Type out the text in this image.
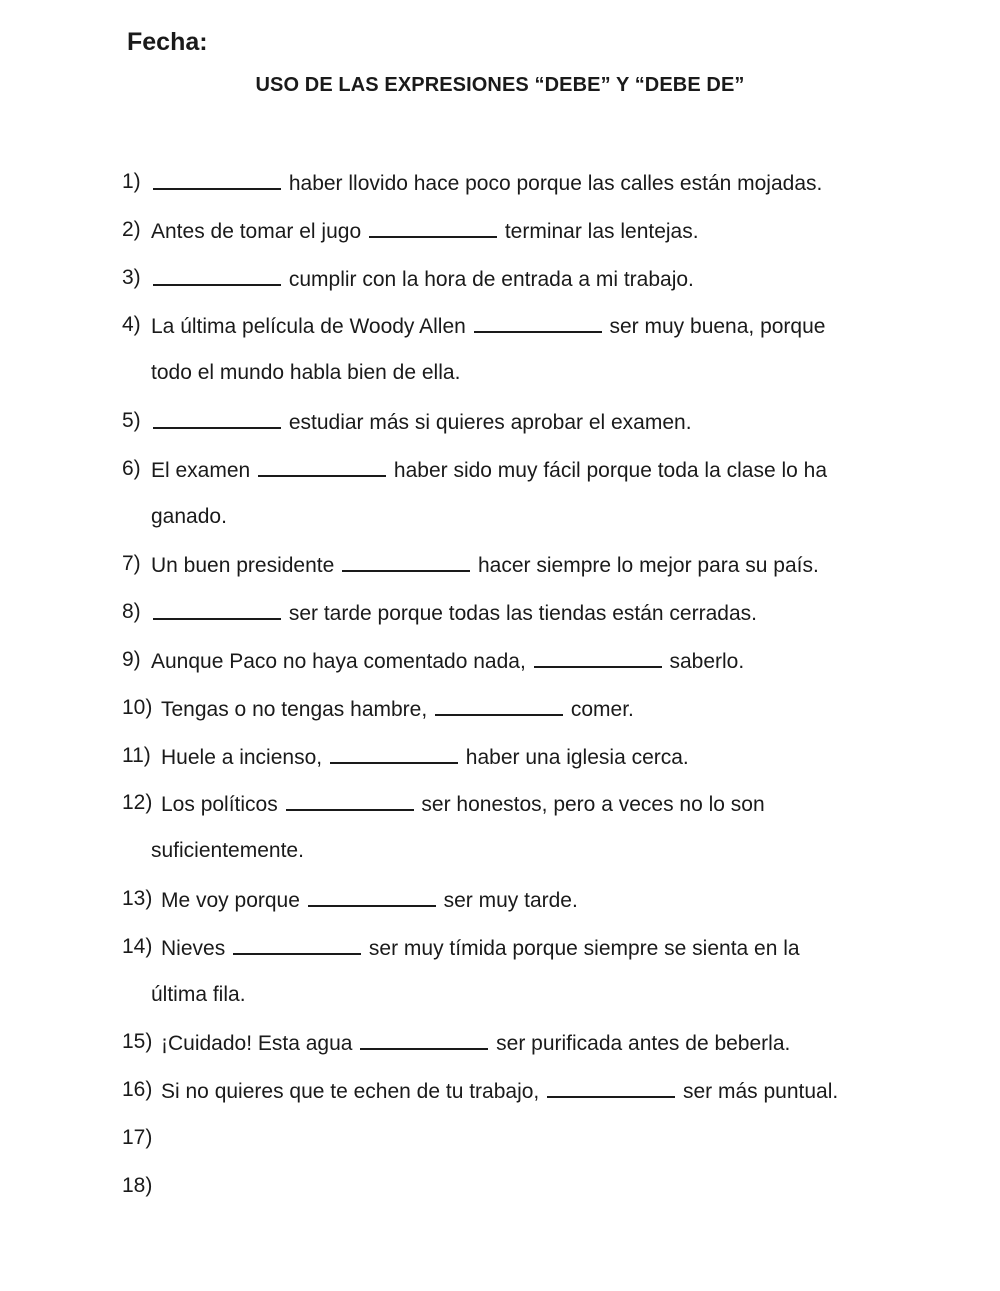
Fecha:

USO DE LAS EXPRESIONES “DEBE” Y “DEBE DE”

1)	haber llovido hace poco porque las calles están mojadas.
2) Antes de tomar el jugo	terminar las lentejas.
3)	cumplir con la hora de entrada a mi trabajo.
4) La última película de Woody Allen	ser muy buena, porque
todo el mundo habla bien de ella.
5)	estudiar más si quieres aprobar el examen.
6) El examen	haber sido muy fácil porque toda la clase lo ha
ganado.
7) Un buen presidente	hacer siempre lo mejor para su país.
8)	ser tarde porque todas las tiendas están cerradas.
9) Aunque Paco no haya comentado nada,	saberlo.
10) Tengas o no tengas hambre,	comer.
11) Huele a incienso,	haber una iglesia cerca.
12) Los políticos	ser honestos, pero a veces no lo son
suficientemente.
13) Me voy porque	ser muy tarde.
14) Nieves	ser muy tímida porque siempre se sienta en la
última fila.
15) ¡Cuidado! Esta agua	ser purificada antes de beberla.
16) Si no quieres que te echen de tu trabajo,	ser más puntual.
17)
18)
